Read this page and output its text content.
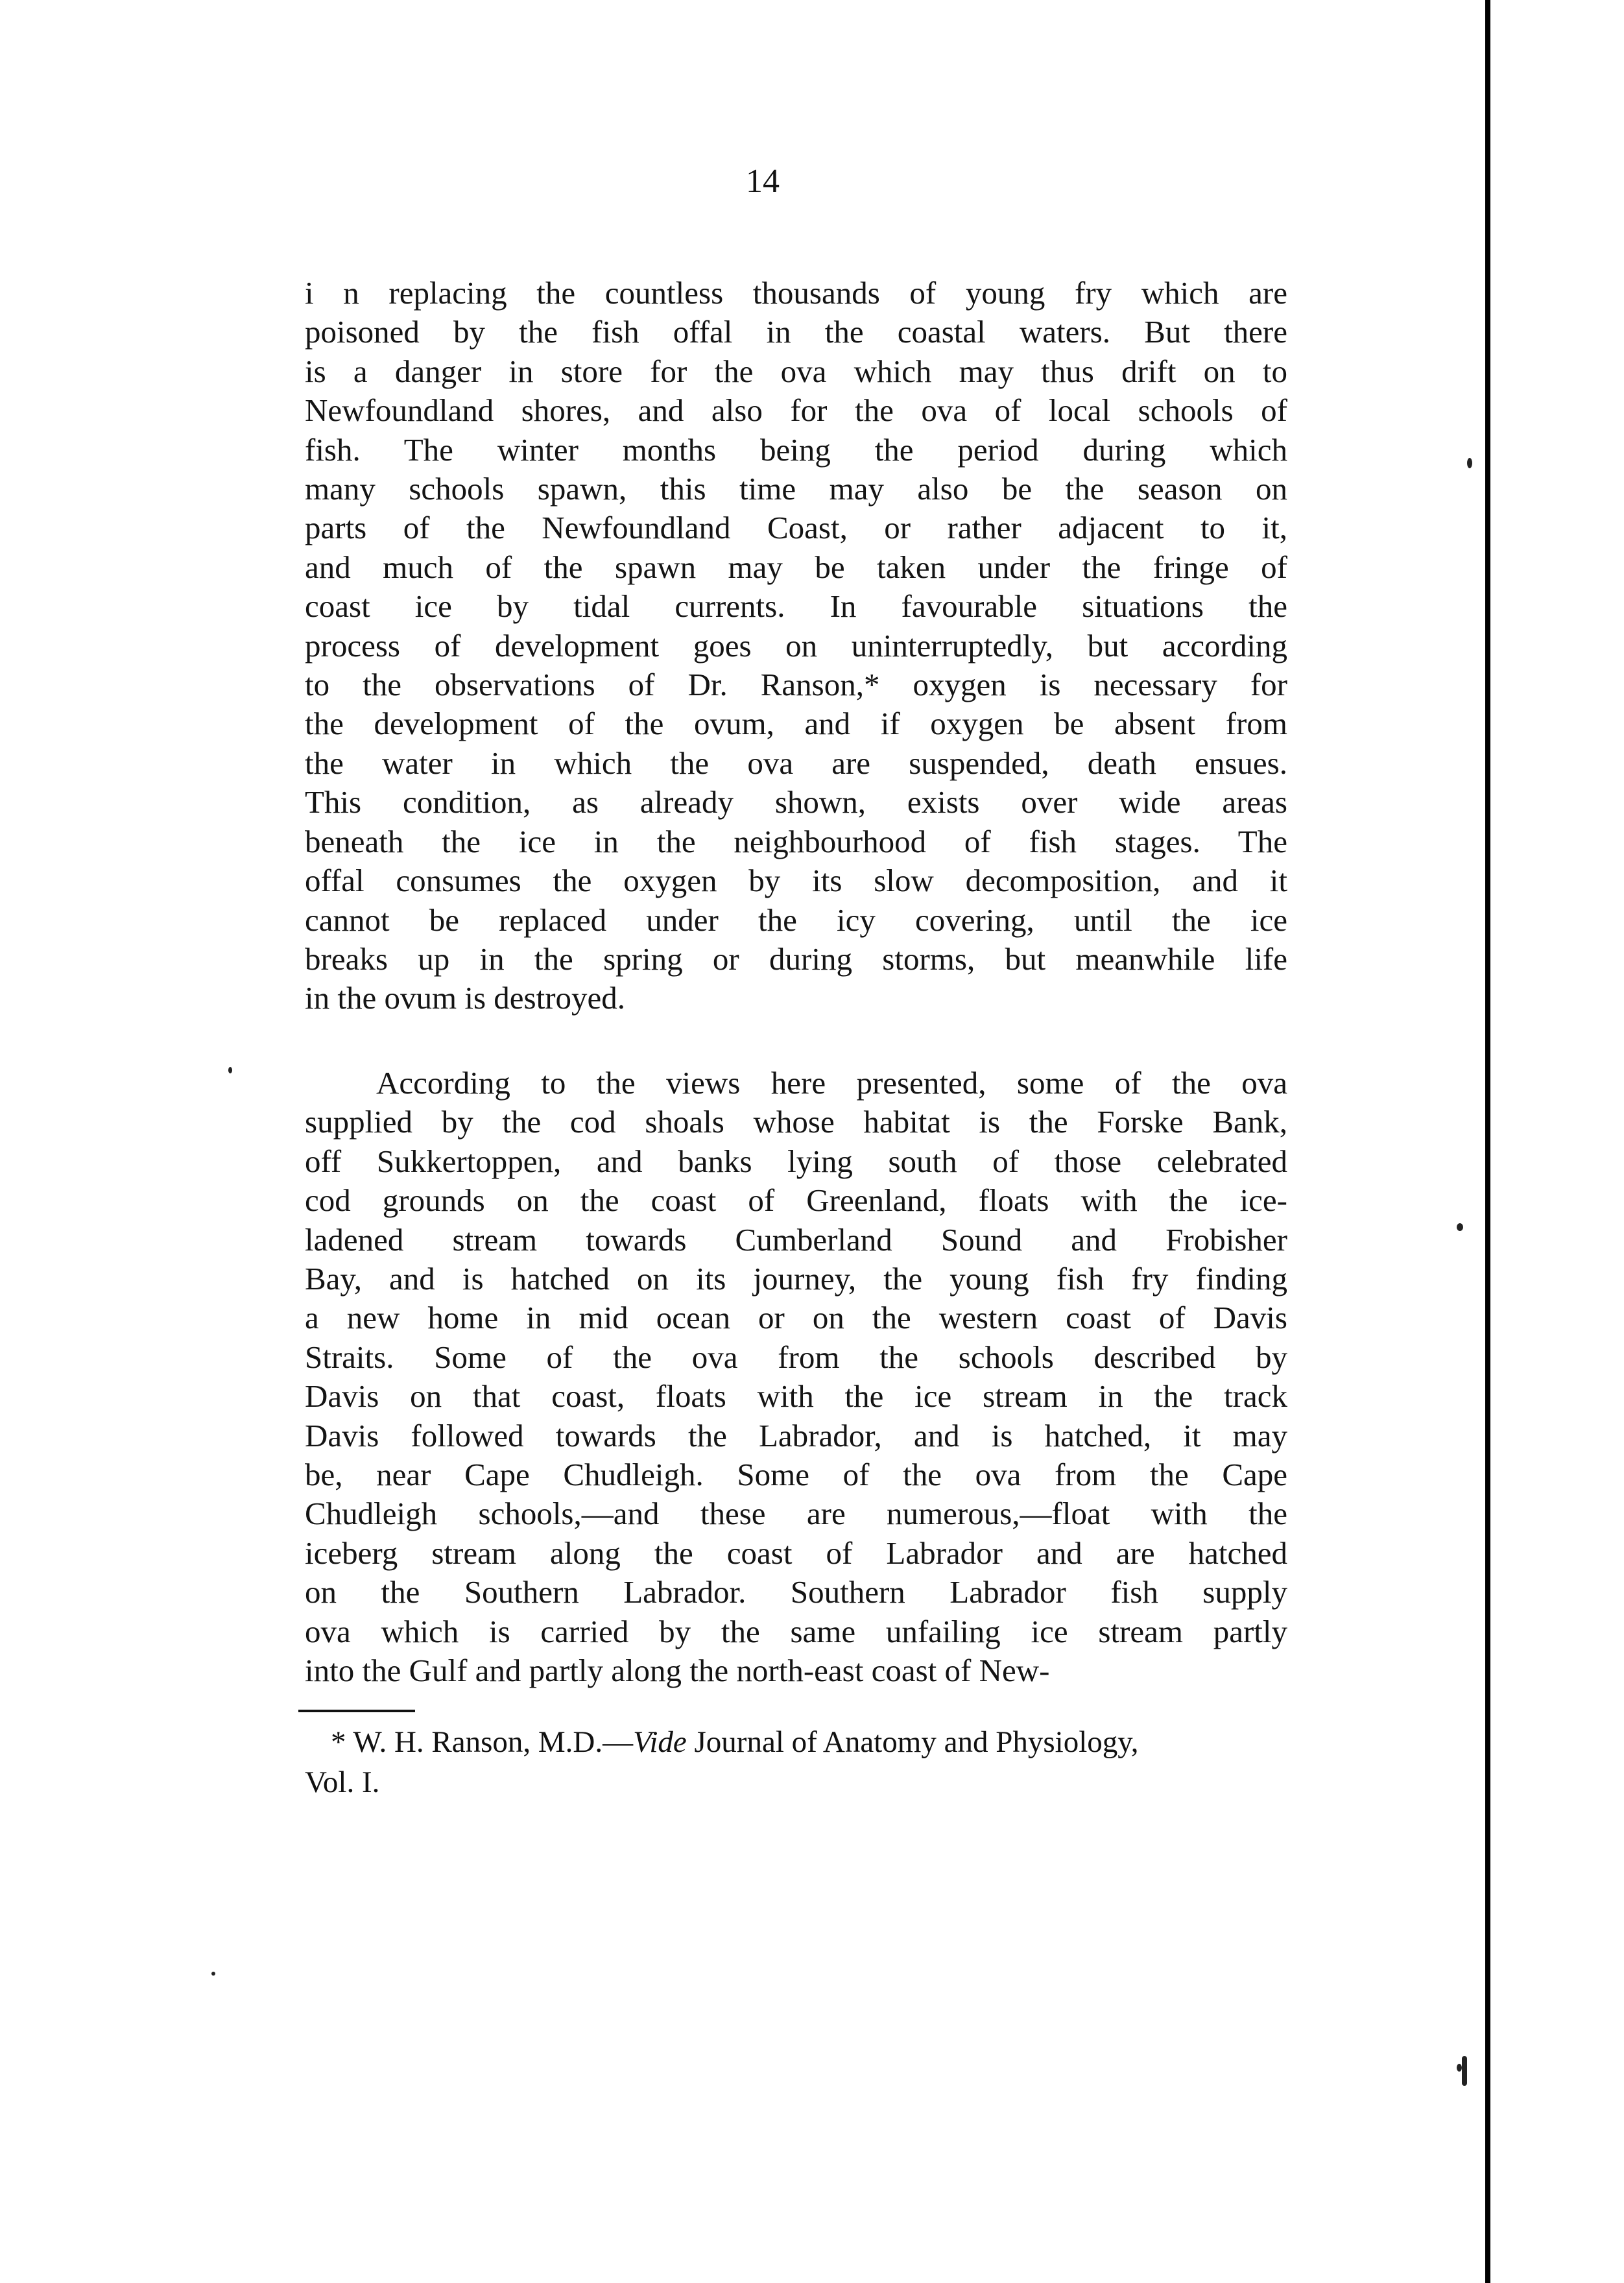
14
i n replacing the countless thousands of young fry which are
poisoned by the fish offal in the coastal waters. But there
is a danger in store for the ova which may thus drift on to
Newfoundland shores, and also for the ova of local schools of
fish. The winter months being the period during which
many schools spawn, this time may also be the season on
parts of the Newfoundland Coast, or rather adjacent to it,
and much of the spawn may be taken under the fringe of
coast ice by tidal currents. In favourable situations the
process of development goes on uninterruptedly, but according
to the observations of Dr. Ranson,* oxygen is necessary for
the development of the ovum, and if oxygen be absent from
the water in which the ova are suspended, death ensues.
This condition, as already shown, exists over wide areas
beneath the ice in the neighbourhood of fish stages. The
offal consumes the oxygen by its slow decomposition, and it
cannot be replaced under the icy covering, until the ice
breaks up in the spring or during storms, but meanwhile life
in the ovum is destroyed.
According to the views here presented, some of the ova
supplied by the cod shoals whose habitat is the Forske Bank,
off Sukkertoppen, and banks lying south of those celebrated
cod grounds on the coast of Greenland, floats with the ice-
ladened stream towards Cumberland Sound and Frobisher
Bay, and is hatched on its journey, the young fish fry finding
a new home in mid ocean or on the western coast of Davis
Straits. Some of the ova from the schools described by
Davis on that coast, floats with the ice stream in the track
Davis followed towards the Labrador, and is hatched, it may
be, near Cape Chudleigh. Some of the ova from the Cape
Chudleigh schools,—and these are numerous,—float with the
iceberg stream along the coast of Labrador and are hatched
on the Southern Labrador. Southern Labrador fish supply
ova which is carried by the same unfailing ice stream partly
into the Gulf and partly along the north-east coast of New-
* W. H. Ranson, M.D.—Vide Journal of Anatomy and Physiology,
Vol. I.
